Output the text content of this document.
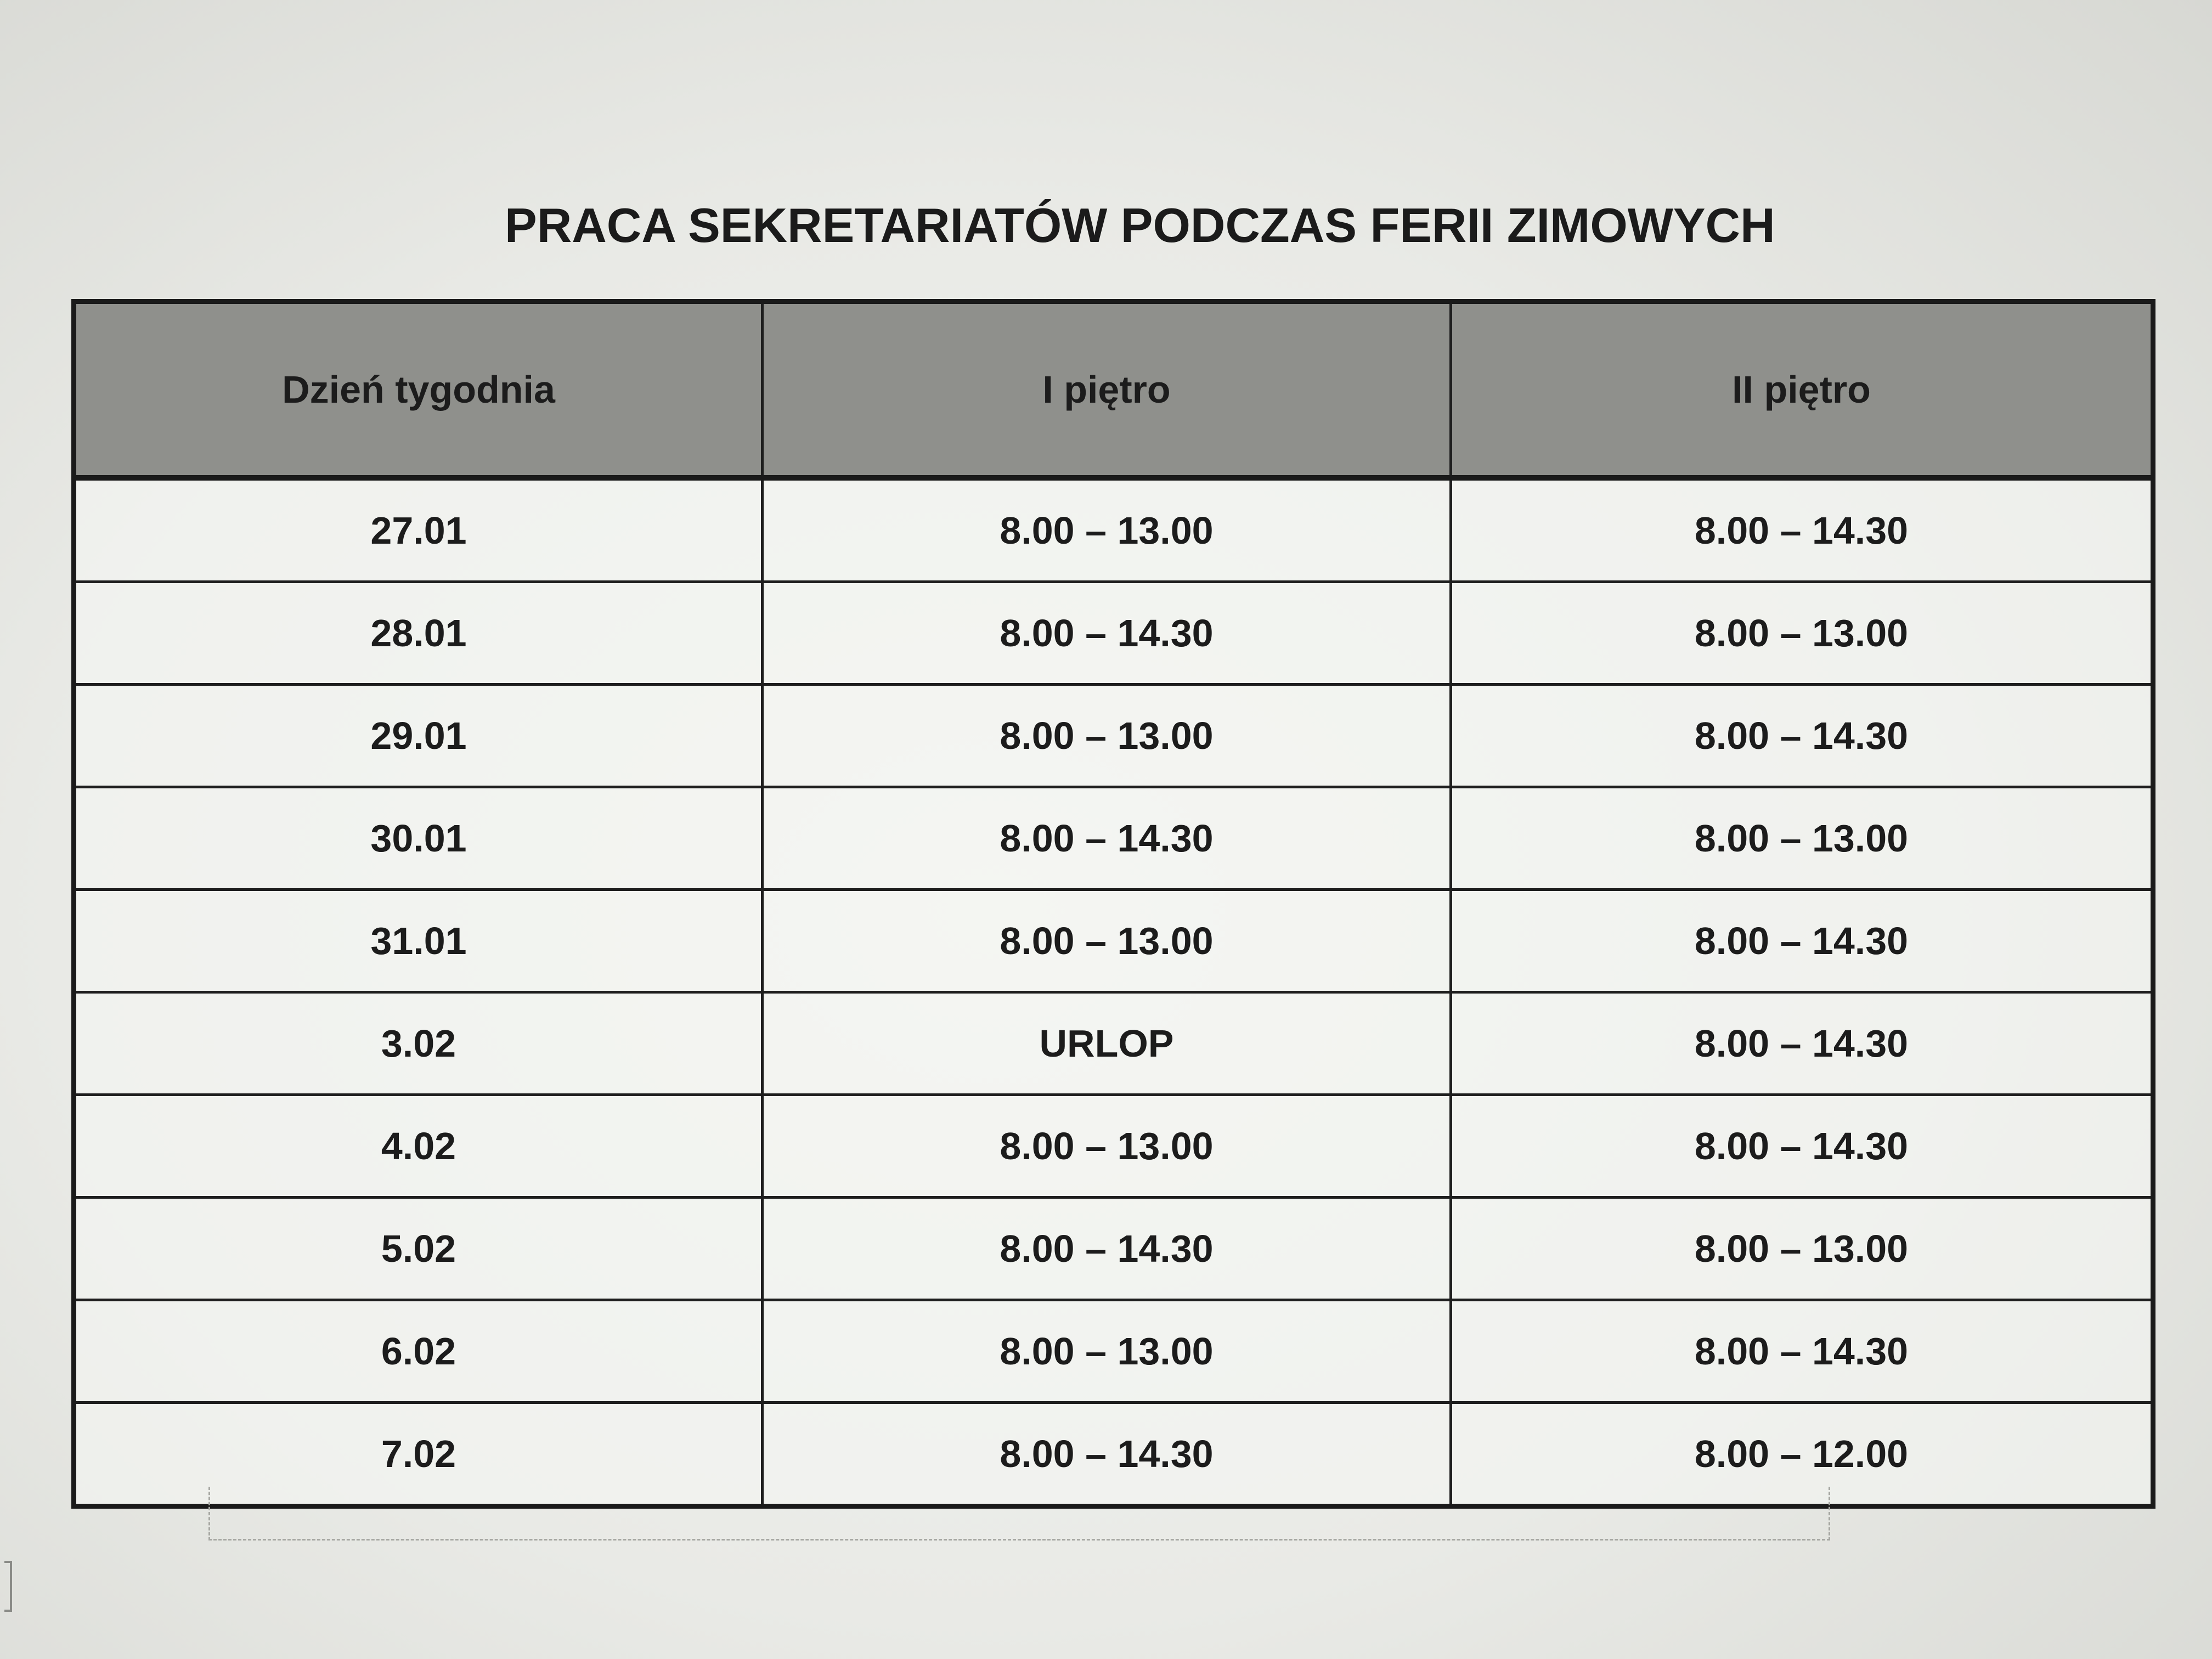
PRACA SEKRETARIATÓW PODCZAS FERII ZIMOWYCH
Dzień tygodnia	I piętro	II piętro
27.01	8.00 – 13.00	8.00 – 14.30
28.01	8.00 – 14.30	8.00 – 13.00
29.01	8.00 – 13.00	8.00 – 14.30
30.01	8.00 – 14.30	8.00 – 13.00
31.01	8.00 – 13.00	8.00 – 14.30
3.02	URLOP	8.00 – 14.30
4.02	8.00 – 13.00	8.00 – 14.30
5.02	8.00 – 14.30	8.00 – 13.00
6.02	8.00 – 13.00	8.00 – 14.30
7.02	8.00 – 14.30	8.00 – 12.00
